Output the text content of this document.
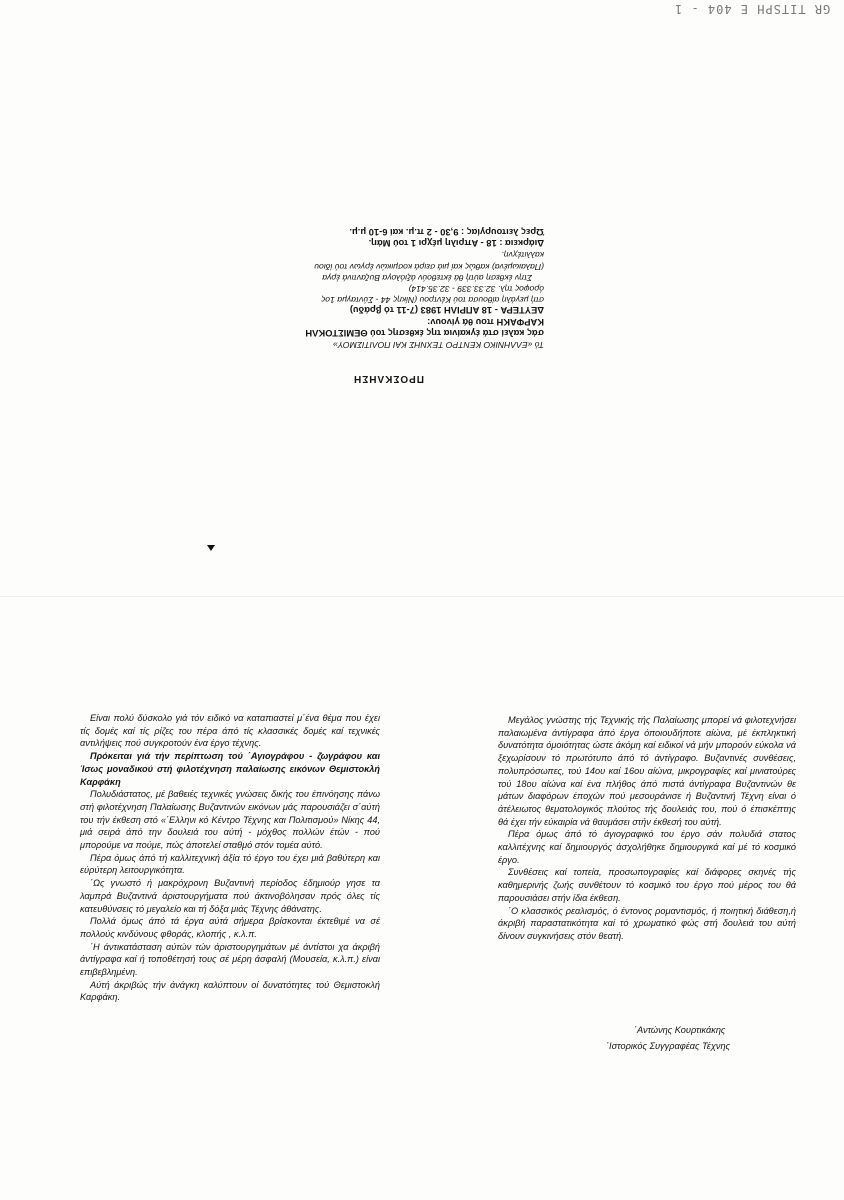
GR TITSPH Ε 404 - 1
ΠΡΟΣΚΛΗΣΗ
Τό «ΕΛΛΗΝΙΚΟ ΚΕΝΤΡΟ ΤΕΧΝΗΣ ΚΑΙ ΠΟΛΙΤΙΣΜΟΥ»
σάς καλεί στά έγκαίνια της έκθεσης τού ΘΕΜΙΣΤΟΚΛΗ
ΚΑΡΦΑΚΗ που θά γίνουν:
ΔΕΥΤΕΡΑ - 18 ΑΠΡΙΛΗ 1983 (7-11 τό βράδυ)
στή μεγάλη αίθουσα τού Κέντρου (Νίκης 44 - Σύνταγμα 1ος
όροφος τηλ. 32.33.339 - 32.35.414)
Στην έκθεση αύτή θά έκτεθούν άξιόλογα Βυζαντινά έργα
(Παλαιωμένα) καθώς καί μιά σειρά κοσμικών έργων τού ίδιου
καλλιτέχνη.
Διάρκεια : 18 - Απριλη μέχρι 1 τού Μάη.
Ώρες λειτουργίας : 9,30 - 2 π.μ. καί 6-10 μ.μ.

Είναι πολύ δύσκολο γιά τόν ειδικό να καταπιαστεί μ΄ένα θέμα που έχει τίς δομές καί τίς ρίζες του πέρα άπό τίς κλασσικές δομές καί τεχνικές αντιλήψεις πού συγκροτούν ένα έργο τέχνης.

Πρόκειται γιά τήν περίπτωση τού ΄Αγιογράφου - ζωγράφου και Ίσως μοναδικού στή φιλοτέχνηση παλαίωσης εικόνων Θεμιστοκλή Καρφάκη

Πολυδιάστατος, μέ βαθειές τεχνικές γνώσεις δικής του έπινόησης πάνω στή φιλοτέχνηση Παλαίωσης Βυζαντινών εικόνων μάς παρουσιάζει σ΄αύτή του τήν έκθεση στό «΄Ελληνι κό Κέντρο Τέχνης και Πολιτισμού» Νίκης 44, μιά σειρά άπό την δουλειά του αύτή - μόχθος πολλών έτών - πού μπορούμε να πούμε, πώς άποτελεί σταθμό στόν τομέα αύτό.

Πέρα όμως άπό τή καλλιτεχνική άξία τό έργο του έχει μιά βαθύτερη και εύρύτερη λειτουργικότητα.

΄Ως γνωστό ή μακρόχρονη Βυζαντινή περίοδος έδημιούρ γησε τα λαμπρά Βυζαντινά άριστουργήματα πού άκτινοβόλησαν πρός όλες τίς κατευθύνσεις τό μεγαλείο και τή δόξα μιάς Τέχνης άθάνατης.

Πολλά όμως άπό τά έργα αύτά σήμερα βρίσκονται έκτεθιμέ να σέ πολλούς κινδύνους φθοράς, κλοπής , κ.λ.π.

΄Η άντικατάσταση αύτών τών άριστουργημάτων μέ άντίστοι χα άκριβή άντίγραφα καί ή τοποθέτησή τους σέ μέρη άσφαλή (Μουσεία, κ.λ.π.) είναι επιβεβλημένη.

Αύτή άκριβώς τήν άνάγκη καλύπτουν οί δυνατότητες τού Θεμιστοκλή Καρφάκη.

Μεγάλος γνώστης τής Τεχνικής τής Παλαίωσης μπορεί νά φιλοτεχνήσει παλαιωμένα άντίγραφα άπό έργα όποιουδήποτε αίώνα, μέ έκπληκτική δυνατότητα όμοιότητας ώστε άκόμη καί ειδικοί νά μήν μπορούν εύκολα νά ξεχωρίσουν τό πρωτότυπο άπό τό άντίγραφο. Βυζαντινές συνθέσεις, πολυπρόσωπες, τού 14ου καί 16ου αίώνα, μικρογραφίες καί μινιατούρες τού 18ου αίώνα καί ένα πλήθος άπό πιστά άντίγραφα Βυζαντινών θε μάτων διαφόρων έποχών πού μεσουράνισε ή Βυζαντινή Τέχνη είναι ό άτέλειωτος θεματολογικός πλούτος τής δουλειάς του, πού ό έπισκέπτης θά έχει τήν εύκαιρία νά θαυμάσει στήν έκθεσή του αύτή.

Πέρα όμως άπό τό άγιογραφικό του έργο σάν πολυδιά στατος καλλιτέχνης καί δημιουργός άσχολήθηκε δημιουργικά καί μέ τό κοσμικό έργο.

Συνθέσεις καί τοπεία, προσωπογραφίες καί διάφορες σκηνές τής καθημερινής ζωής συνθέτουν τό κοσμικό του έργο πού μέρος του θά παρουσιάσει στήν ίδια έκθεση.

΄Ο κλασσικός ρεαλισμός, ό έντονος ρομαντισμός, ή ποιητική διάθεση,ή άκριβή παραστατικότητα καί τό χρωματικό φώς στή δουλειά του αύτή δίνουν συγκινήσεις στόν θεατή.

΄Αντώνης Κουρτικάκης
΄Ιστορικός Συγγραφέας Τέχνης
